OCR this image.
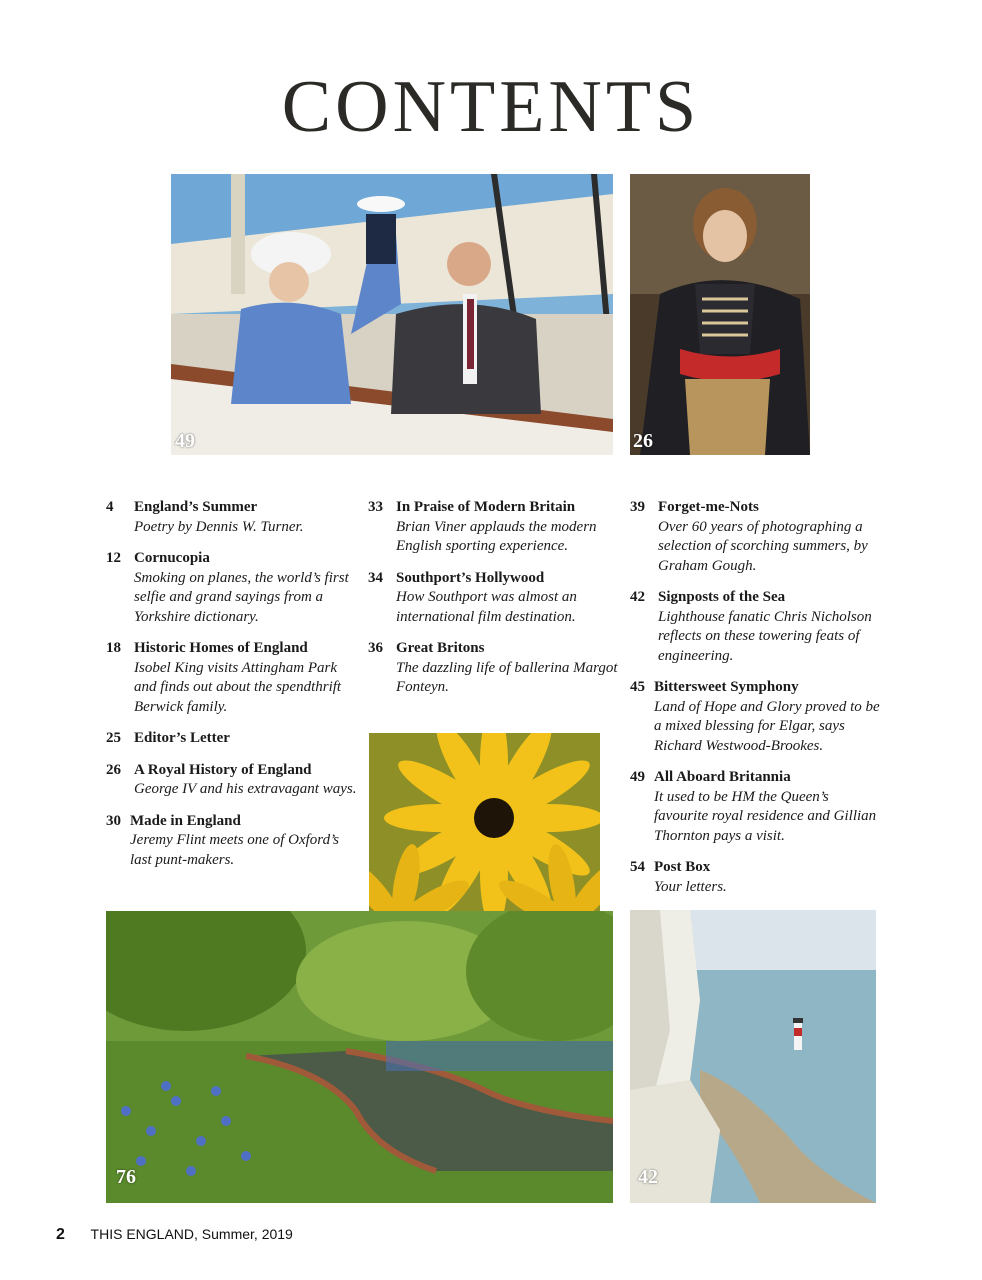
CONTENTS
49	26
4 England’s Summer
Poetry by Dennis W. Turner.
12 Cornucopia
Smoking on planes, the world’s first selfie and grand sayings from a Yorkshire dictionary.
18 Historic Homes of England
Isobel King visits Attingham Park and finds out about the spendthrift Berwick family.
25 Editor’s Letter
26 A Royal History of England
George IV and his extravagant ways.
30 Made in England
Jeremy Flint meets one of Oxford’s last punt-makers.
33 In Praise of Modern Britain
Brian Viner applauds the modern English sporting experience.
34 Southport’s Hollywood
How Southport was almost an international film destination.
36 Great Britons
The dazzling life of ballerina Margot Fonteyn.
39 Forget-me-Nots
Over 60 years of photographing a selection of scorching summers, by Graham Gough.
42 Signposts of the Sea
Lighthouse fanatic Chris Nicholson reflects on these towering feats of engineering.
45 Bittersweet Symphony
Land of Hope and Glory proved to be a mixed blessing for Elgar, says Richard Westwood-Brookes.
49 All Aboard Britannia
It used to be HM the Queen’s favourite royal residence and Gillian Thornton pays a visit.
54 Post Box
Your letters.
76	42
2 THIS ENGLAND, Summer, 2019
